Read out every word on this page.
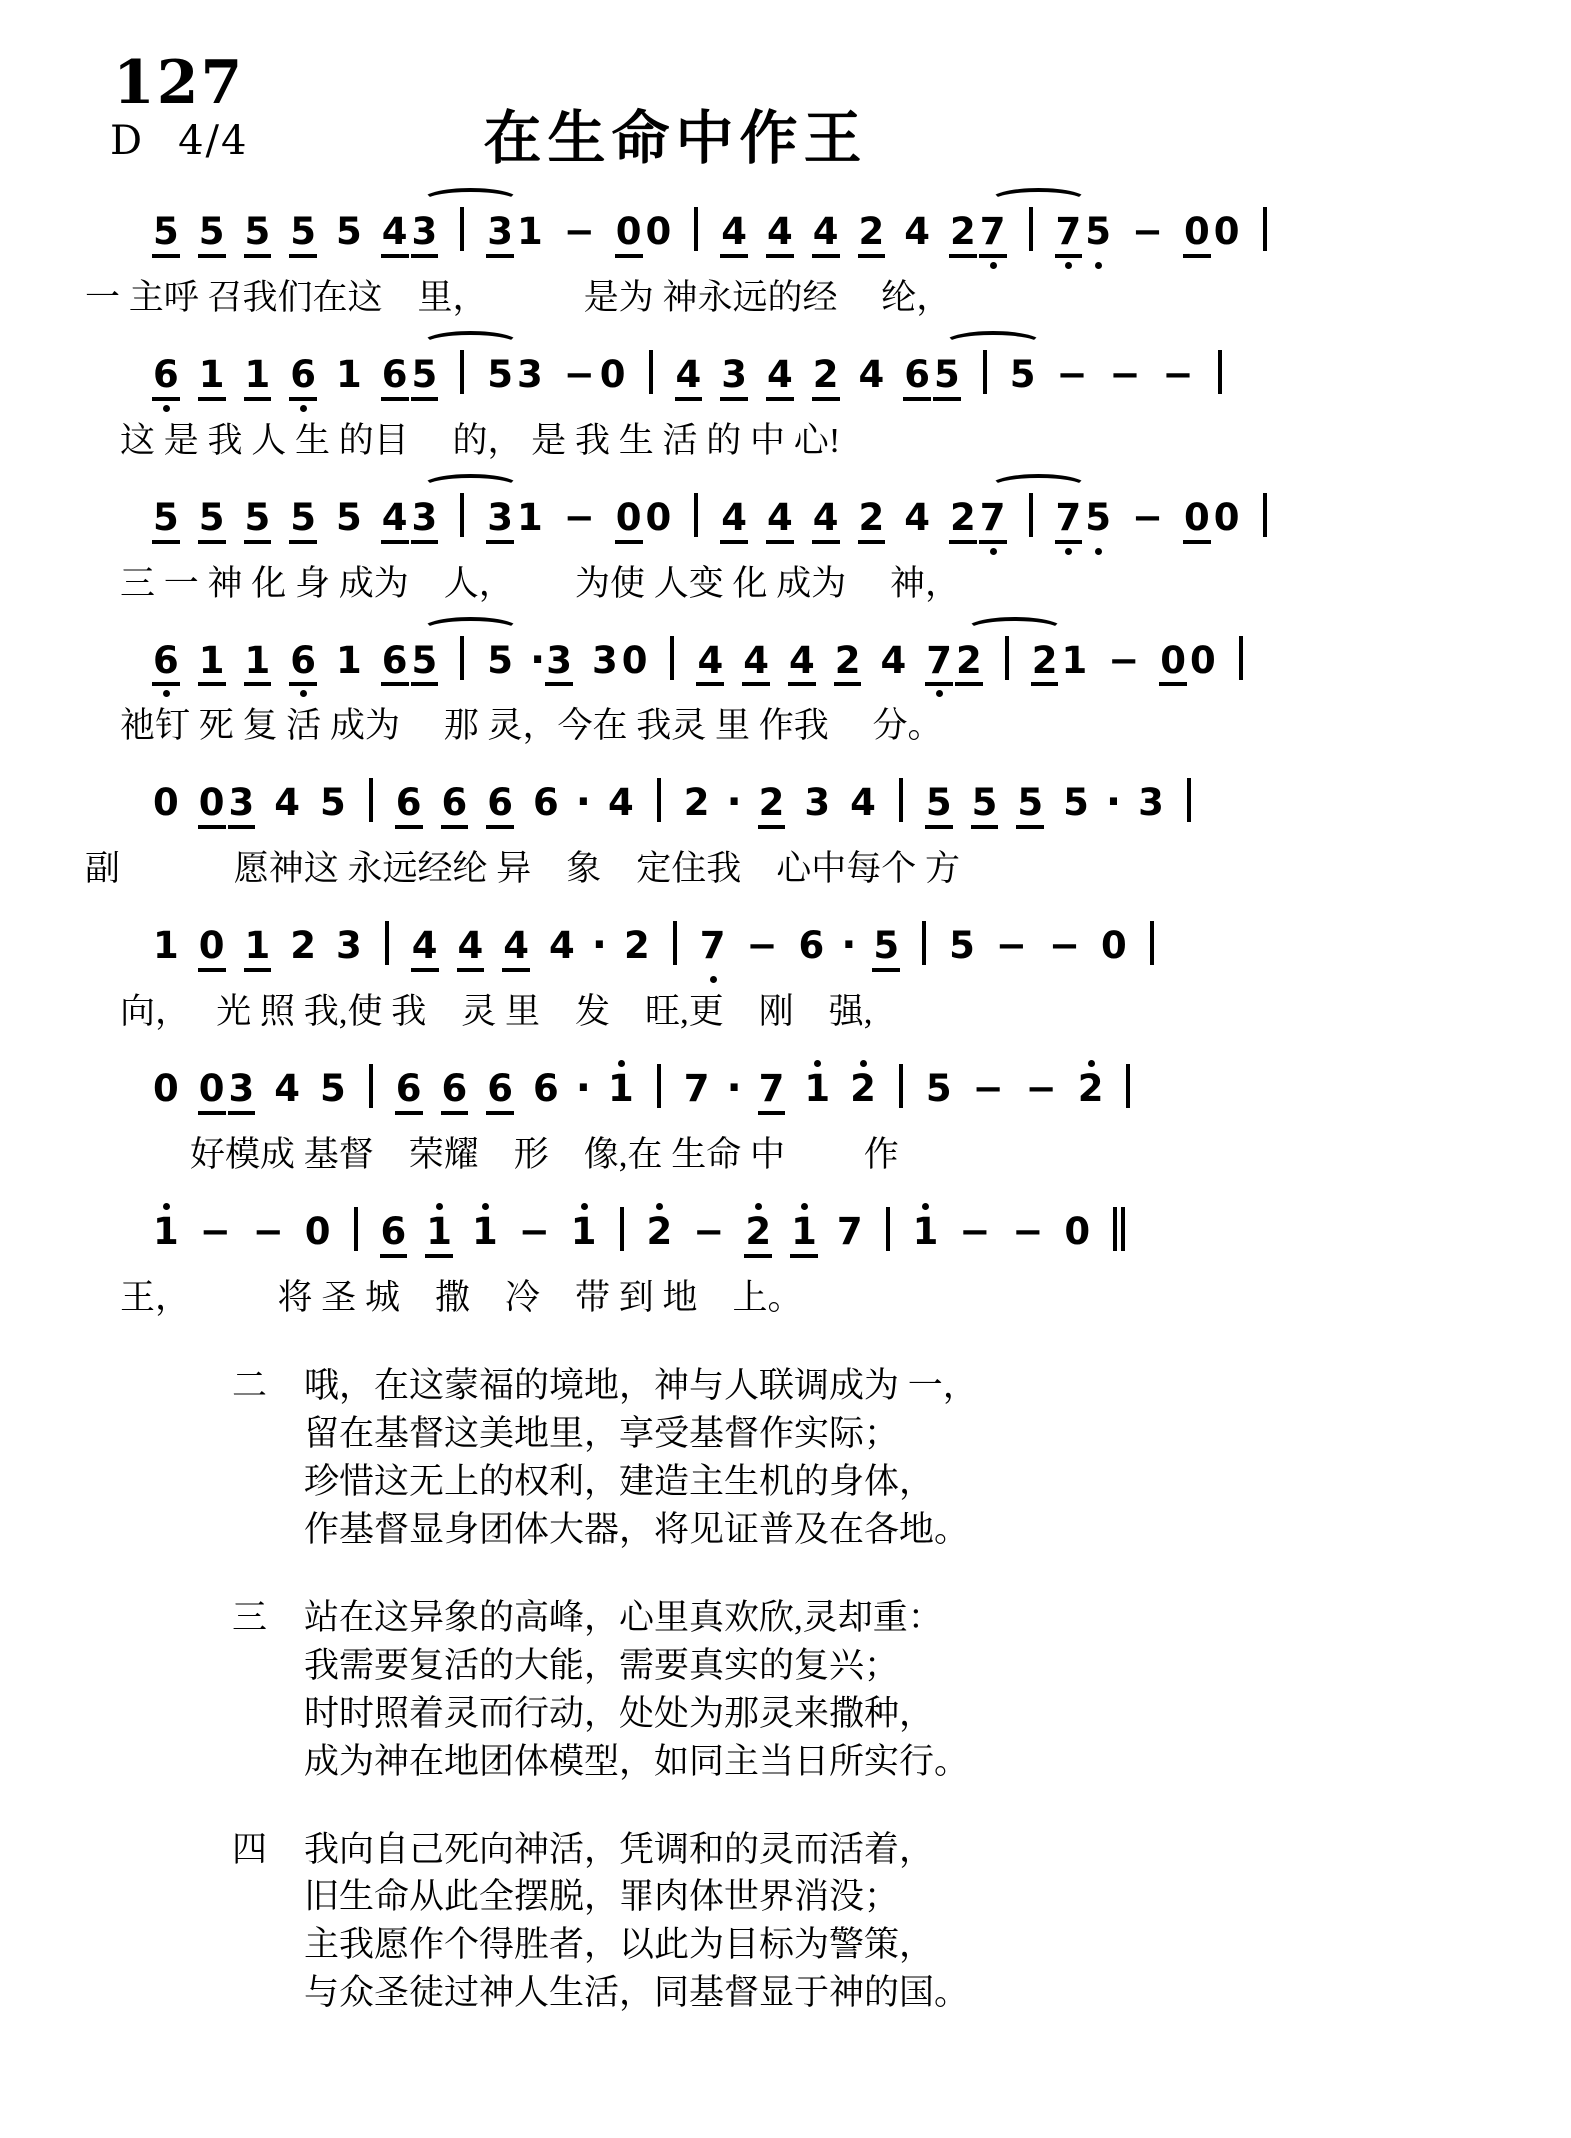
127
D 4/4	在生命中作王
5 5 5 5 5 4 3 3 1 − 0 0 4 4 4 2 4 2 7 7 5 − 0 0
一 主呼 召我们在这　里，　　　 是为 神永远的经　 纶，
6 1 1 6 1 6 5 5 3 − 0 4 3 4 2 4 6 5 5 − − −
　这 是 我 人 生 的目　 的， 是 我 生 活 的 中 心!
5 5 5 5 5 4 3 3 1 − 0 0 4 4 4 2 4 2 7 7 5 − 0 0
　三 一 神 化 身 成为　人，　　 为使 人变 化 成为　 神，
6 1 1 6 1 6 5 5 ·3 3 0 4 4 4 2 4 7 2 2 1 − 0 0
　祂钉 死 复 活 成为　 那 灵，今在 我灵 里 作我　 分。
0 0 3 4 5 6 6 6 6 · 4 2 · 2 3 4 5 5 5 5 · 3
副　　　 愿神这 永远经纶 异　象　定住我　心中每个 方
1 0 1 2 3 4 4 4 4 · 2 7 − 6 · 5 5 − − 0
　向，　 光 照 我,使 我　灵 里　发　旺,更　刚　强,
0 0 3 4 5 6 6 6 6 · 1 7 · 7 1 2 5 − − 2
　　　好模成 基督　荣耀　形　像,在 生命 中　　 作
1 − − 0 6 1 1 − 1 2 − 2 1 7 1 − − 0
　王，　　　将 圣 城　撒　冷　带 到 地　上。
二	哦，在这蒙福的境地，神与人联调成为 一，
留在基督这美地里，享受基督作实际；
珍惜这无上的权利，建造主生机的身体，
作基督显身团体大器，将见证普及在各地。
三	站在这异象的高峰，心里真欢欣,灵却重：
我需要复活的大能，需要真实的复兴；
时时照着灵而行动，处处为那灵来撒种，
成为神在地团体模型，如同主当日所实行。
四	我向自己死向神活，凭调和的灵而活着，
旧生命从此全摆脱，罪肉体世界消没；
主我愿作个得胜者，以此为目标为警策，
与众圣徒过神人生活，同基督显于神的国。
